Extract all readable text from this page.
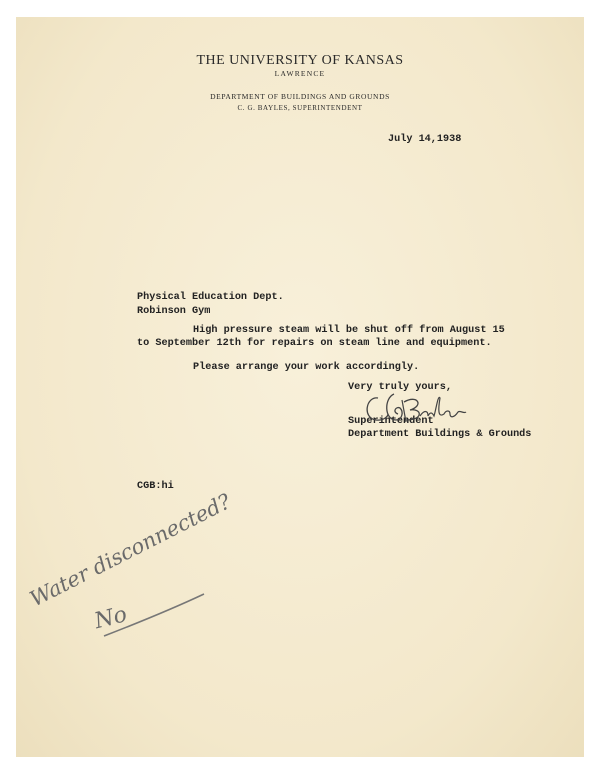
THE UNIVERSITY OF KANSAS
LAWRENCE
DEPARTMENT OF BUILDINGS AND GROUNDS
C. G. BAYLES, SUPERINTENDENT
July 14,1938
Physical Education Dept.
Robinson Gym
High pressure steam will be shut off from August 15
to September 12th for repairs on steam line and equipment.
Please arrange your work accordingly.
Very truly yours,
Superintendent
Department Buildings & Grounds
CGB:hi
Water disconnected?
No
